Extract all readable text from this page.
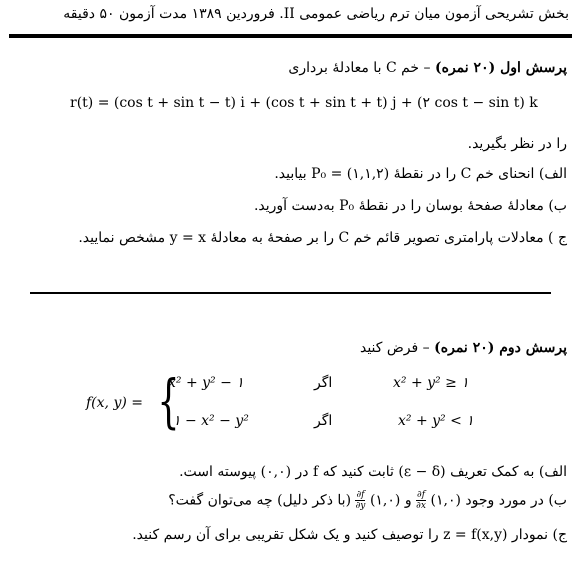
بخش تشریحی آزمون میان ترم ریاضی عمومی II. فروردین ۱۳۸۹ مدت آزمون ۵۰ دقیقه
پرسش اول (۲۰ نمره) – خم C با معادلهٔ برداری
r(t) = (cos t + sin t − t) i + (cos t + sin t + t) j + (۲ cos t − sin t) k
را در نظر بگیرید.
الف) انحنای خم C را در نقطهٔ P₀ = (۱,۱,۲) بیابید.
ب) معادلهٔ صفحهٔ بوسان را در نقطهٔ P₀ به‌دست آورید.
ج ) معادلات پارامتری تصویر قائم خم C را بر صفحهٔ به معادلهٔ y = x مشخص نمایید.
پرسش دوم (۲۰ نمره) – فرض کنید
f(x, y) = {
x² + y² − ۱	اگر	x² + y² ≥ ۱
۱ − x² − y²	اگر	x² + y² < ۱
الف) به کمک تعریف (ε − δ) ثابت کنید که f در (۰,۰) پیوسته است.
ب) در مورد وجود (۱,۰)
$\frac{\partial f}{\partial x}$
و (۱,۰)
$\frac{\partial f}{\partial y}$
(با ذکر دلیل) چه می‌توان گفت؟
ج) نمودار z = f(x,y) را توصیف کنید و یک شکل تقریبی برای آن رسم کنید.
